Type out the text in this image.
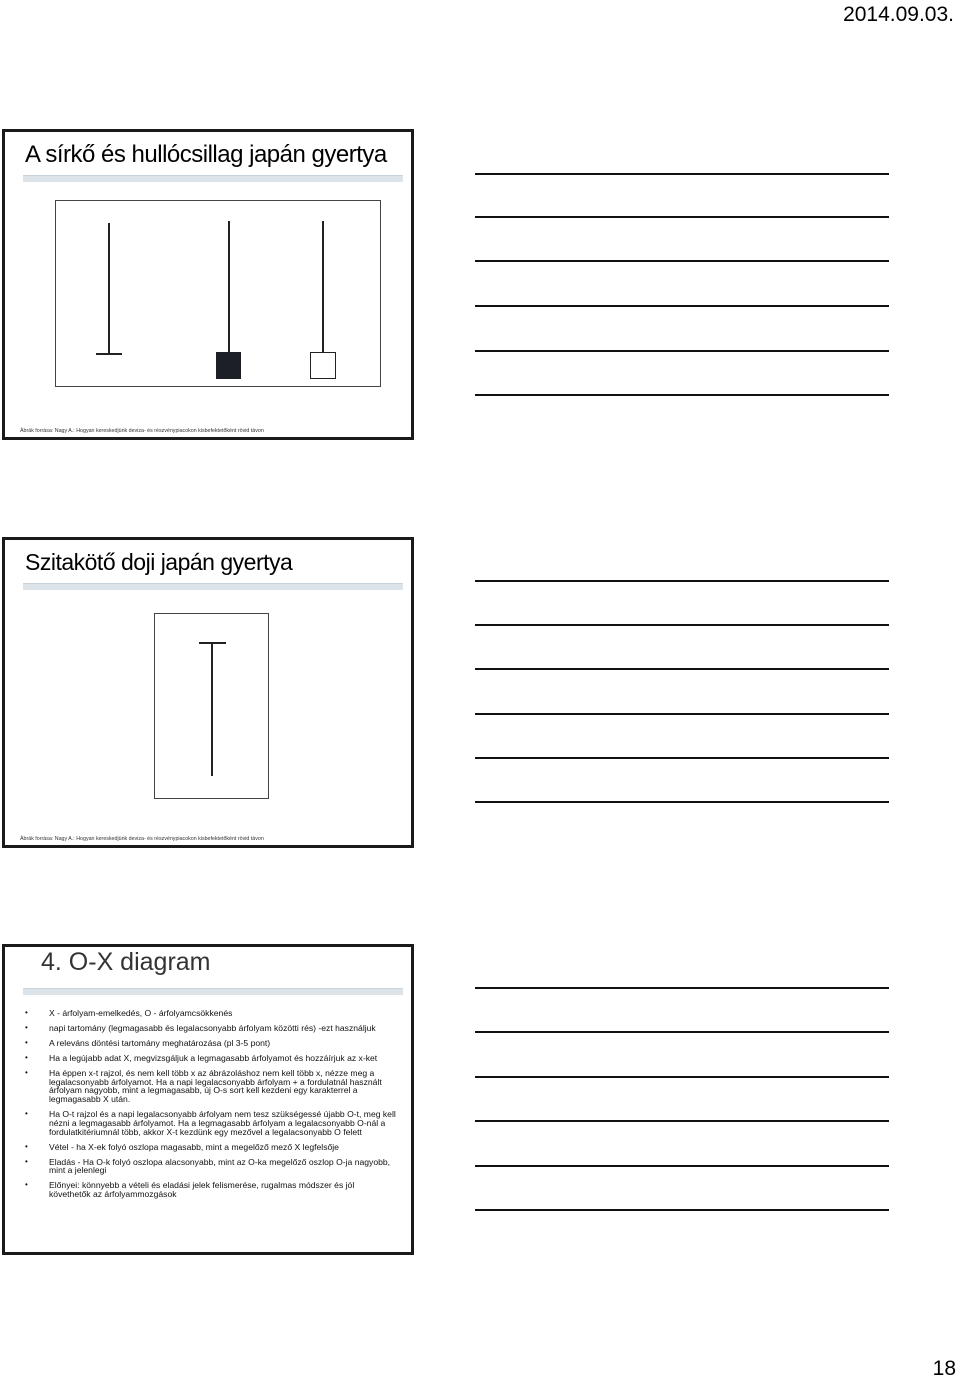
2014.09.03.
A sírkő és hullócsillag japán gyertya
Ábrák forrása: Nagy A.: Hogyan kereskedjünk deviza- és részvénypiacokon kisbefektetőként rövid távon
Szitakötő doji japán gyertya
Ábrák forrása: Nagy A.: Hogyan kereskedjünk deviza- és részvénypiacokon kisbefektetőként rövid távon
4. O-X diagram
• X - árfolyam-emelkedés, O - árfolyamcsökkenés
• napi tartomány (legmagasabb és legalacsonyabb árfolyam közötti rés) -ezt használjuk
• A releváns döntési tartomány meghatározása (pl 3-5 pont)
• Ha a legújabb adat X, megvizsgáljuk a legmagasabb árfolyamot és hozzáírjuk az x-ket
• Ha éppen x-t rajzol, és nem kell több x az ábrázoláshoz nem kell több x, nézze meg a legalacsonyabb árfolyamot. Ha a napi legalacsonyabb árfolyam + a fordulatnál használt árfolyam nagyobb, mint a legmagasabb, új O-s sort kell kezdeni egy karakterrel a legmagasabb X után.
• Ha O-t rajzol és a napi legalacsonyabb árfolyam nem tesz szükségessé újabb O-t, meg kell nézni a legmagasabb árfolyamot. Ha a legmagasabb árfolyam a legalacsonyabb O-nál a fordulatkitériumnál több, akkor X-t kezdünk egy mezővel a legalacsonyabb O felett
• Vétel - ha X-ek folyó oszlopa magasabb, mint a megelőző mező X legfelsője
• Eladás - Ha O-k folyó oszlopa alacsonyabb, mint az O-ka megelőző oszlop O-ja nagyobb, mint a jelenlegi
• Előnyei: könnyebb a vételi és eladási jelek felismerése, rugalmas módszer és jól követhetők az árfolyammozgások
18
